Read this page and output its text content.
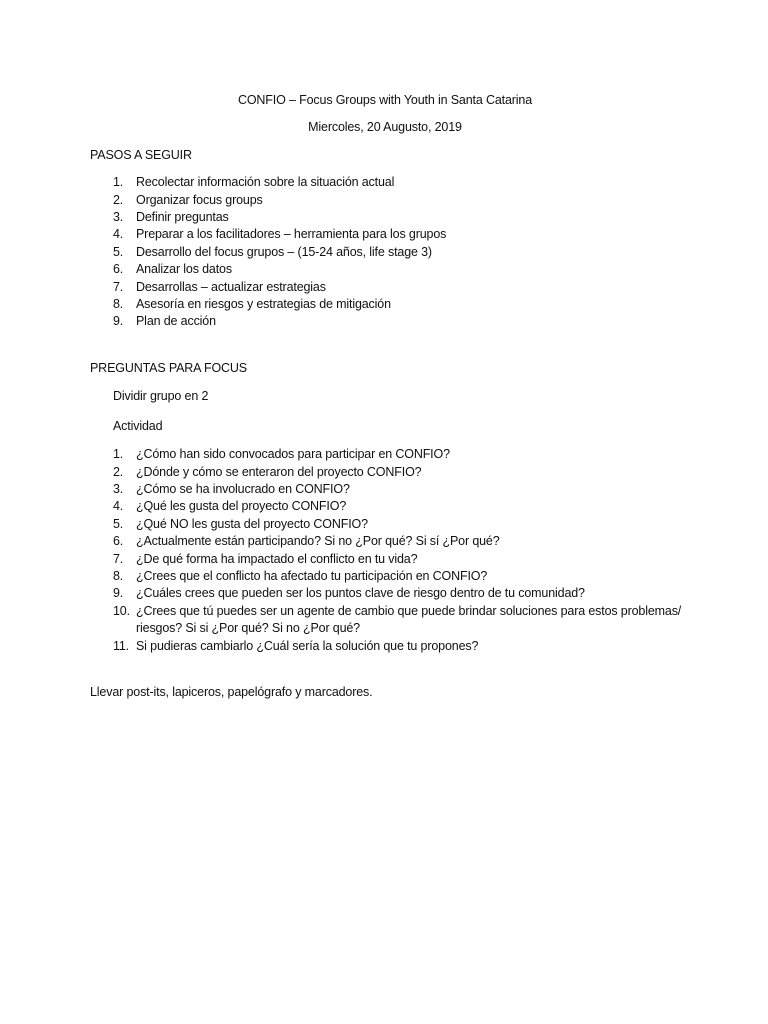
CONFIO – Focus Groups with Youth in Santa Catarina

Miercoles, 20 Augusto, 2019

PASOS A SEGUIR

1. Recolectar información sobre la situación actual
2. Organizar focus groups
3. Definir preguntas
4. Preparar a los facilitadores – herramienta para los grupos
5. Desarrollo del focus grupos – (15-24 años, life stage 3)
6. Analizar los datos
7. Desarrollas – actualizar estrategias
8. Asesoría en riesgos y estrategias de mitigación
9. Plan de acción

PREGUNTAS PARA FOCUS

Dividir grupo en 2

Actividad

1. ¿Cómo han sido convocados para participar en CONFIO?
2. ¿Dónde y cómo se enteraron del proyecto CONFIO?
3. ¿Cómo se ha involucrado en CONFIO?
4. ¿Qué les gusta del proyecto CONFIO?
5. ¿Qué NO les gusta del proyecto CONFIO?
6. ¿Actualmente están participando? Si no ¿Por qué? Si sí ¿Por qué?
7. ¿De qué forma ha impactado el conflicto en tu vida?
8. ¿Crees que el conflicto ha afectado tu participación en CONFIO?
9. ¿Cuáles crees que pueden ser los puntos clave de riesgo dentro de tu comunidad?
10. ¿Crees que tú puedes ser un agente de cambio que puede brindar soluciones para estos problemas/ riesgos? Si si ¿Por qué? Si no ¿Por qué?
11. Si pudieras cambiarlo ¿Cuál sería la solución que tu propones?

Llevar post-its, lapiceros, papelógrafo y marcadores.
